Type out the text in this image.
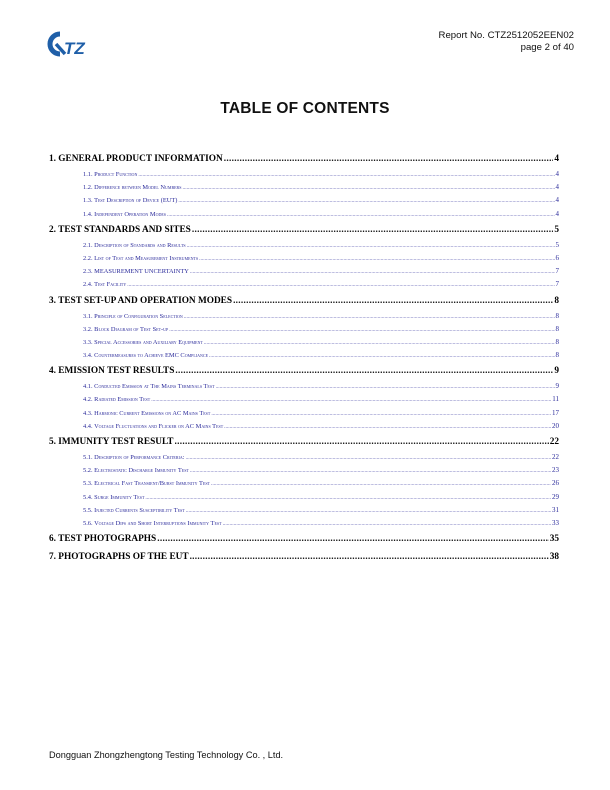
TZ
Report No. CTZ2512052EEN02
page 2 of 40
TABLE OF CONTENTS
1. GENERAL PRODUCT INFORMATION .....	4
1.1. Product Function .....	4
1.2. Difference between Model Numbers .....	4
1.3. Test Description of Device (EUT) .....	4
1.4. Independent Operation Modes .....	4
2. TEST STANDARDS AND SITES .....	5
2.1. Description of Standards and Results .....	5
2.2. List of Test and Measurement Instruments .....	6
2.3. MEASUREMENT UNCERTAINTY .....	7
2.4. Test Facility .....	7
3. TEST SET-UP AND OPERATION MODES .....	8
3.1. Principle of Configuration Selection .....	8
3.2. Block Diagram of Test Set-up .....	8
3.3. Special Accessories and Auxiliary Equipment .....	8
3.4. Countermeasures to Achieve EMC Compliance .....	8
4. EMISSION TEST RESULTS .....	9
4.1. Conducted Emission at The Mains Terminals Test .....	9
4.2. Radiated Emission Test .....	11
4.3. Harmonic Current Emissions on AC Mains Test .....	17
4.4. Voltage Fluctuations and Flicker on AC Mains Test .....	20
5. IMMUNITY TEST RESULT .....	22
5.1. Description of Performance Criteria: .....	22
5.2. Electrostatic Discharge Immunity Test .....	23
5.3. Electrical Fast Transient/Burst Immunity Test .....	26
5.4. Surge Immunity Test .....	29
5.5. Injected Currents Susceptibility Test .....	31
5.6. Voltage Dips and Short Interruptions Immunity Test .....	33
6. TEST PHOTOGRAPHS .....	35
7. PHOTOGRAPHS OF THE EUT .....	38
Dongguan Zhongzhengtong Testing Technology Co. , Ltd.
